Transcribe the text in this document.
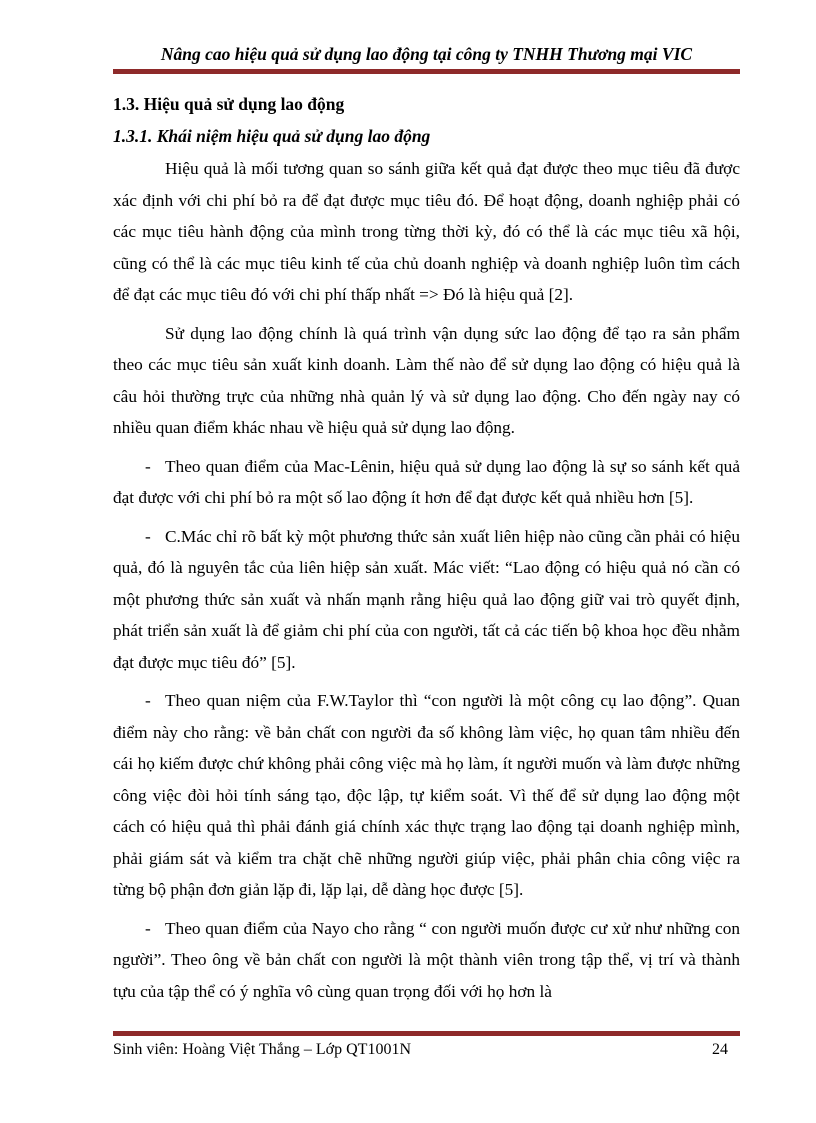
Nâng cao hiệu quả sử dụng lao động tại công ty TNHH Thương mại VIC
1.3. Hiệu quả sử dụng lao động
1.3.1. Khái niệm hiệu quả sử dụng lao động

Hiệu quả là mối tương quan so sánh giữa kết quả đạt được theo mục tiêu đã được xác định với chi phí bỏ ra để đạt được mục tiêu đó. Để hoạt động, doanh nghiệp phải có các mục tiêu hành động của mình trong từng thời kỳ, đó có thể là các mục tiêu xã hội, cũng có thể là các mục tiêu kinh tế của chủ doanh nghiệp và doanh nghiệp luôn tìm cách để đạt các mục tiêu đó với chi phí thấp nhất => Đó là hiệu quả [2].

Sử dụng lao động chính là quá trình vận dụng sức lao động để tạo ra sản phẩm theo các mục tiêu sản xuất kinh doanh. Làm thế nào để sử dụng lao động có hiệu quả là câu hỏi thường trực của những nhà quản lý và sử dụng lao động. Cho đến ngày nay có nhiều quan điểm khác nhau về hiệu quả sử dụng lao động.

- Theo quan điểm của Mac-Lênin, hiệu quả sử dụng lao động là sự so sánh kết quả đạt được với chi phí bỏ ra một số lao động ít hơn để đạt được kết quả nhiều hơn [5].

- C.Mác chỉ rõ bất kỳ một phương thức sản xuất liên hiệp nào cũng cần phải có hiệu quả, đó là nguyên tắc của liên hiệp sản xuất. Mác viết: “Lao động có hiệu quả nó cần có một phương thức sản xuất và nhấn mạnh rằng hiệu quả lao động giữ vai trò quyết định, phát triển sản xuất là để giảm chi phí của con người, tất cả các tiến bộ khoa học đều nhằm đạt được mục tiêu đó” [5].

- Theo quan niệm của F.W.Taylor thì “con người là một công cụ lao động”. Quan điểm này cho rằng: về bản chất con người đa số không làm việc, họ quan tâm nhiều đến cái họ kiếm được chứ không phải công việc mà họ làm, ít người muốn và làm được những công việc đòi hỏi tính sáng tạo, độc lập, tự kiểm soát. Vì thế để sử dụng lao động một cách có hiệu quả thì phải đánh giá chính xác thực trạng lao động tại doanh nghiệp mình, phải giám sát và kiểm tra chặt chẽ những người giúp việc, phải phân chia công việc ra từng bộ phận đơn giản lặp đi, lặp lại, dễ dàng học được [5].

- Theo quan điểm của Nayo cho rằng “ con người muốn được cư xử như những con người”. Theo ông về bản chất con người là một thành viên trong tập thể, vị trí và thành tựu của tập thể có ý nghĩa vô cùng quan trọng đối với họ hơn là

Sinh viên: Hoàng Việt Thắng – Lớp QT1001N	24
